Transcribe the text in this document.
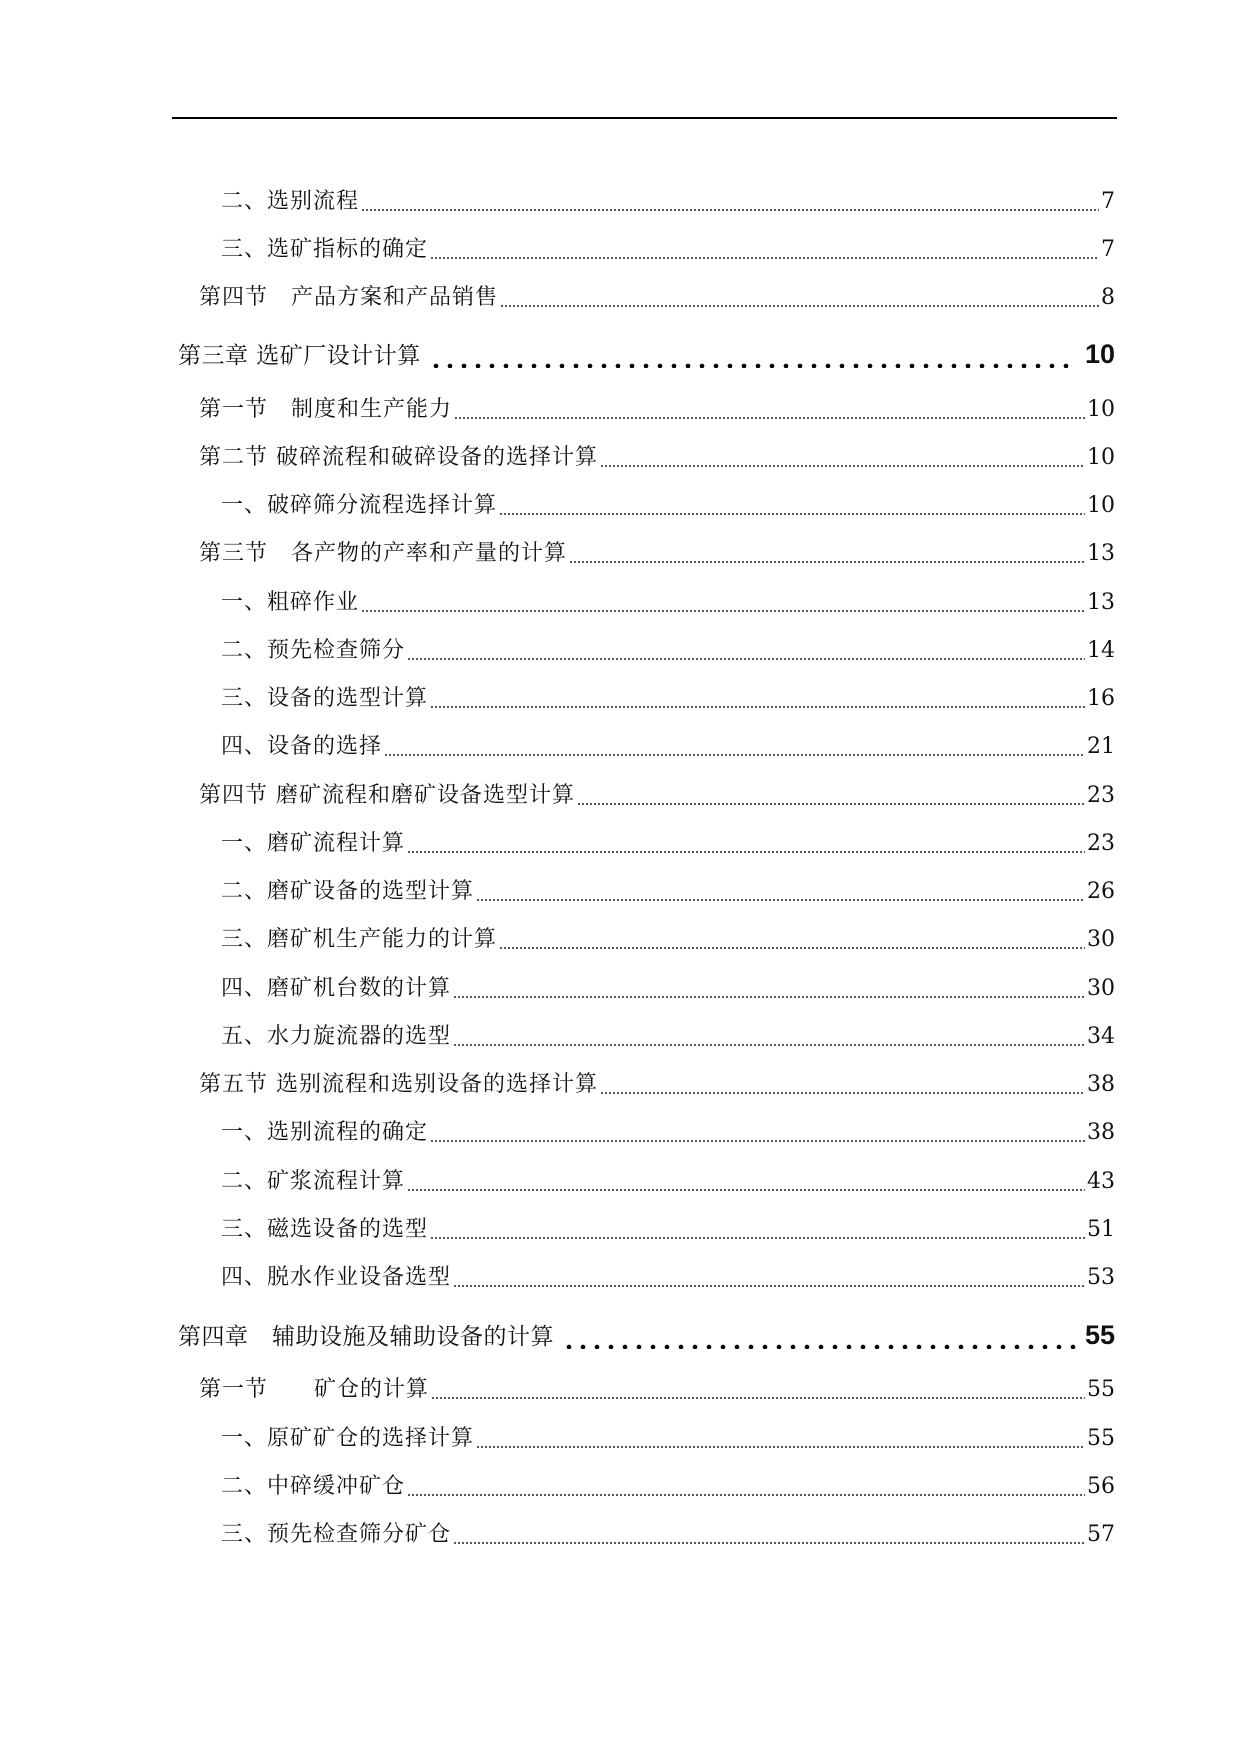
二、选别流程	7
三、选矿指标的确定	7
第四节　产品方案和产品销售	8
第三章 选矿厂设计计算	10
第一节　制度和生产能力	10
第二节 破碎流程和破碎设备的选择计算	10
一、破碎筛分流程选择计算	10
第三节　各产物的产率和产量的计算	13
一、粗碎作业	13
二、预先检查筛分	14
三、设备的选型计算	16
四、设备的选择	21
第四节 磨矿流程和磨矿设备选型计算	23
一、磨矿流程计算	23
二、磨矿设备的选型计算	26
三、磨矿机生产能力的计算	30
四、磨矿机台数的计算	30
五、水力旋流器的选型	34
第五节 选别流程和选别设备的选择计算	38
一、选别流程的确定	38
二、矿浆流程计算	43
三、磁选设备的选型	51
四、脱水作业设备选型	53
第四章　辅助设施及辅助设备的计算	55
第一节　　矿仓的计算	55
一、原矿矿仓的选择计算	55
二、中碎缓冲矿仓	56
三、预先检查筛分矿仓	57
